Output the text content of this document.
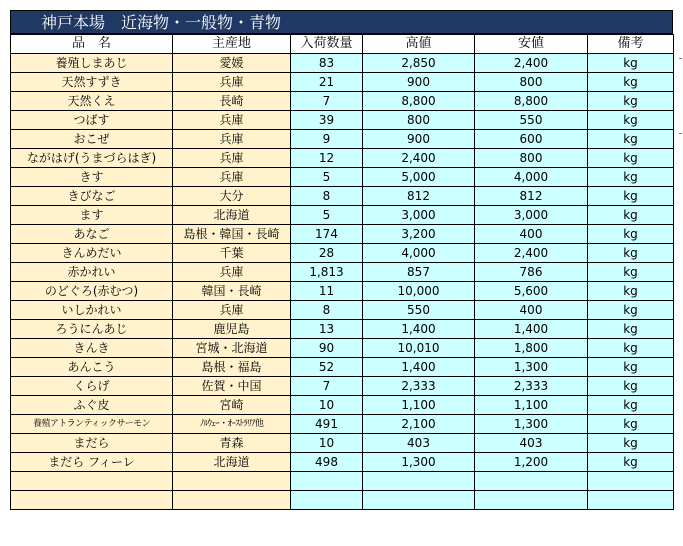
神戸本場　近海物・一般物・青物
品　名	主産地	入荷数量	高値	安値	備考
養殖しまあじ	愛媛	83	2,850	2,400	kg
天然すずき	兵庫	21	900	800	kg
天然くえ	長崎	7	8,800	8,800	kg
つばす	兵庫	39	800	550	kg
おこぜ	兵庫	9	900	600	kg
ながはげ(うまづらはぎ)	兵庫	12	2,400	800	kg
きす	兵庫	5	5,000	4,000	kg
きびなご	大分	8	812	812	kg
ます	北海道	5	3,000	3,000	kg
あなご	島根・韓国・長崎	174	3,200	400	kg
きんめだい	千葉	28	4,000	2,400	kg
赤かれい	兵庫	1,813	857	786	kg
のどぐろ(赤むつ)	韓国・長崎	11	10,000	5,600	kg
いしかれい	兵庫	8	550	400	kg
ろうにんあじ	鹿児島	13	1,400	1,400	kg
きんき	宮城・北海道	90	10,010	1,800	kg
あんこう	島根・福島	52	1,400	1,300	kg
くらげ	佐賀・中国	7	2,333	2,333	kg
ふぐ皮	宮崎	10	1,100	1,100	kg
養殖アトランティックサーモン	ﾉﾙｳｪｰ・ｵｰｽﾄﾗﾘｱ他	491	2,100	1,300	kg
まだら	青森	10	403	403	kg
まだら フィーレ	北海道	498	1,300	1,200	kg
